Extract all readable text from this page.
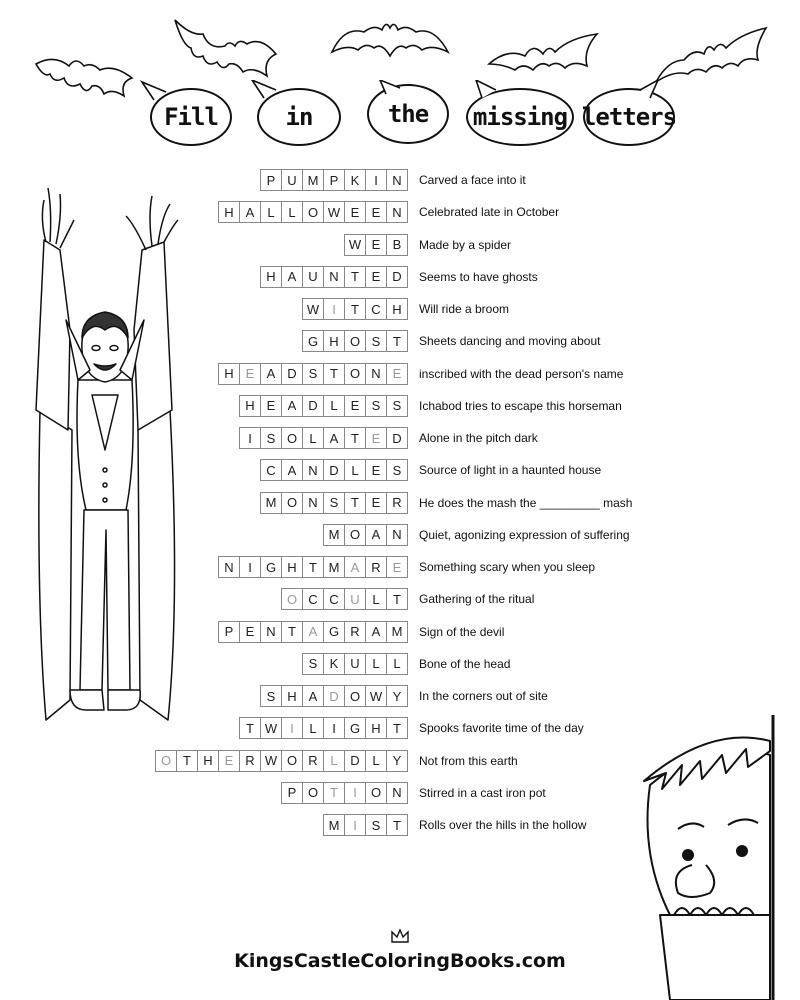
Fill	in	the missing letters
P U M P K	I	N	Carved a face into it
H A	L	L O W E E N	Celebrated late in October
W E B	Made by a spider
H A U N T E D	Seems to have ghosts
W	I	T C H	Will ride a broom
G H O S T	Sheets dancing and moving about
H E A D S T O N E	inscribed with the dead person's name
H E A D L	E S S	Ichabod tries to escape this horseman
I	S O L	A T E D	Alone in the pitch dark
C A N D L	E S	Source of light in a haunted house
M O N S T E R	He does the mash the _________ mash
M O A N	Quiet, agonizing expression of suffering
N	I	G H T M A R E	Something scary when you sleep
O C C U L	T	Gathering of the ritual
P E N T A G R A M	Sign of the devil
S K U L	L	Bone of the head
S H A D O W Y	In the corners out of site
T W	I	L	I	G H T	Spooks favorite time of the day
O T H E R W O R L D L	Y	Not from this earth
P O T	I	O N	Stirred in a cast iron pot
M	I	S T	Rolls over the hills in the hollow
KingsCastleColoringBooks.com
